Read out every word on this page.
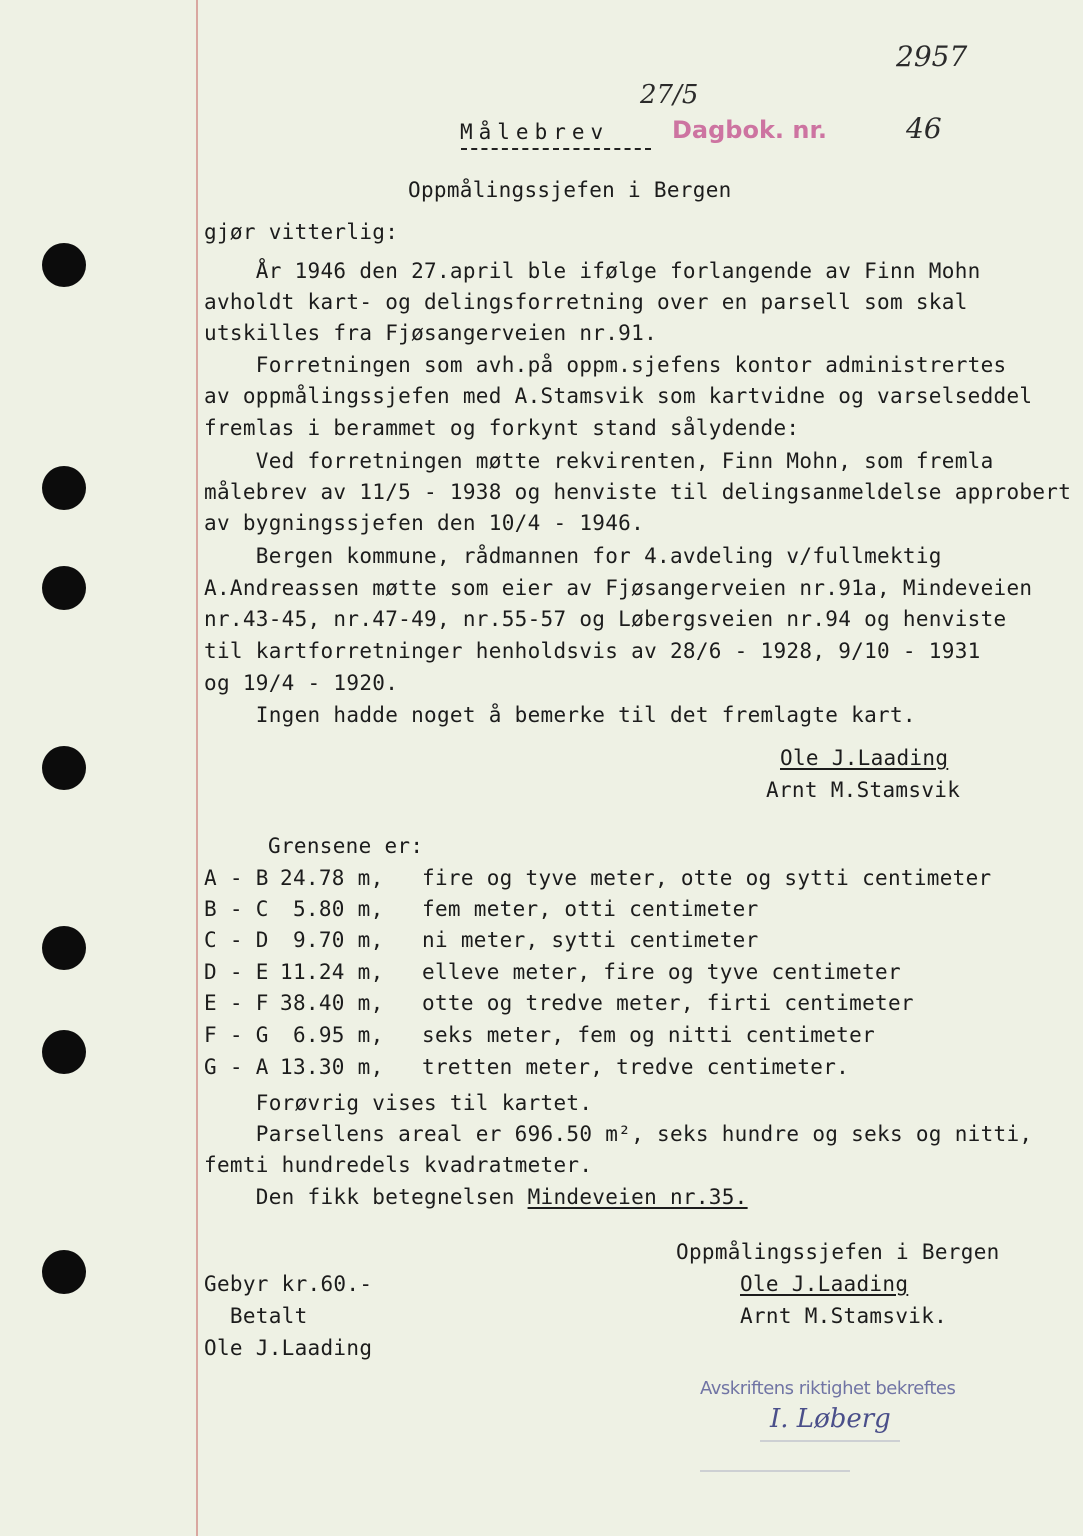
Målebrev
27/5
Dagbok. nr.
2957
46
Oppmålingssjefen i Bergen
gjør vitterlig:
År 1946 den 27.april ble ifølge forlangende av Finn Mohn
avholdt kart- og delingsforretning over en parsell som skal
utskilles fra Fjøsangerveien nr.91.
Forretningen som avh.på oppm.sjefens kontor administrertes
av oppmålingssjefen med A.Stamsvik som kartvidne og varselseddel
fremlas i berammet og forkynt stand sålydende:
Ved forretningen møtte rekvirenten, Finn Mohn, som fremla
målebrev av 11/5 - 1938 og henviste til delingsanmeldelse approbert
av bygningssjefen den 10/4 - 1946.
Bergen kommune, rådmannen for 4.avdeling v/fullmektig
A.Andreassen møtte som eier av Fjøsangerveien nr.91a, Mindeveien
nr.43-45, nr.47-49, nr.55-57 og Løbergsveien nr.94 og henviste
til kartforretninger henholdsvis av 28/6 - 1928, 9/10 - 1931
og 19/4 - 1920.
Ingen hadde noget å bemerke til det fremlagte kart.
Ole J.Laading
Arnt M.Stamsvik
Grensene er:
A - B 24.78 m, fire og tyve meter, otte og sytti centimeter
B - C 5.80 m, fem meter, otti centimeter
C - D 9.70 m, ni meter, sytti centimeter
D - E 11.24 m, elleve meter, fire og tyve centimeter
E - F 38.40 m, otte og tredve meter, firti centimeter
F - G 6.95 m, seks meter, fem og nitti centimeter
G - A 13.30 m, tretten meter, tredve centimeter.
Forøvrig vises til kartet.
Parsellens areal er 696.50 m², seks hundre og seks og nitti,
femti hundredels kvadratmeter.
Den fikk betegnelsen Mindeveien nr.35.
Oppmålingssjefen i Bergen
Ole J.Laading
Arnt M.Stamsvik.
Gebyr kr.60.-
Betalt
Ole J.Laading
Avskriftens riktighet bekreftes
I. Løberg
